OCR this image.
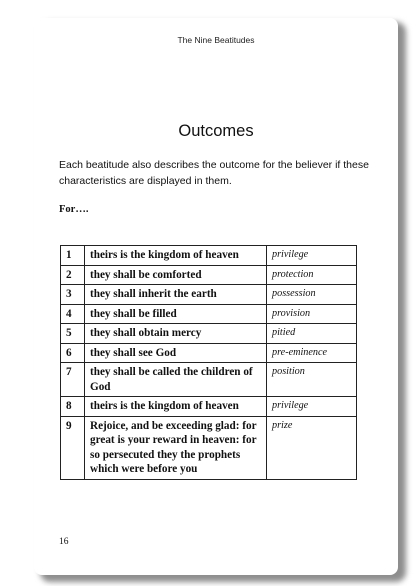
The Nine Beatitudes
Outcomes
Each beatitude also describes the outcome for the believer if these characteristics are displayed in them.
For….
1	theirs is the kingdom of heaven	privilege
2	they shall be comforted	protection
3	they shall inherit the earth	possession
4	they shall be filled	provision
5	they shall obtain mercy	pitied
6	they shall see God	pre-eminence
7	they shall be called the children of God	position
8	theirs is the kingdom of heaven	privilege
9	Rejoice, and be exceeding glad: for great is your reward in heaven: for so persecuted they the prophets which were before you	prize
16
